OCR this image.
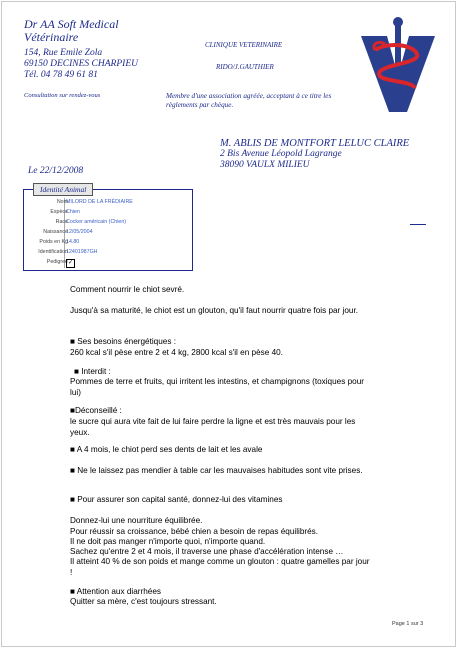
Dr AA Soft Medical
Vétérinaire
154, Rue Emile Zola
69150 DECINES CHARPIEU
Tél. 04 78 49 61 81
Consultation sur rendez-vous
CLINIQUE VETERINAIRE
RIDO/J.GAUTHIER
Membre d'une association agréée, acceptant à ce titre les règlements par chèque.
M. ABLIS DE MONTFORT LELUC CLAIRE
2 Bis Avenue Léopold Lagrange
38090 VAULX MILIEU
Le 22/12/2008
Identité Animal
Nom
MILORD DE LA FRÉDIAIRE
Espèce
Chien
Race
Cocker américain (Chien)
Naissance
12/05/2004
Poids en Kg
14.80
Identification
12401987GH
Pedigree ✓
Comment nourrir le chiot sevré.
Jusqu'à sa maturité, le chiot est un glouton, qu'il faut nourrir quatre fois par jour.
■ Ses besoins énergétiques :
260 kcal s'il pèse entre 2 et 4 kg, 2800 kcal s'il en pèse 40.
■ Interdit :
Pommes de terre et fruits, qui irritent les intestins, et champignons (toxiques pour lui)
■Déconseillé :
le sucre qui aura vite fait de lui faire perdre la ligne et est très mauvais pour les yeux.
■ A 4 mois, le chiot perd ses dents de lait et les avale
■ Ne le laissez pas mendier à table car les mauvaises habitudes sont vite prises.
■ Pour assurer son capital santé, donnez-lui des vitamines
Donnez-lui une nourriture équilibrée.
Pour réussir sa croissance, bébé chien a besoin de repas équilibrés.
Il ne doit pas manger n'importe quoi, n'importe quand.
Sachez qu'entre 2 et 4 mois, il traverse une phase d'accélération intense …
Il atteint 40 % de son poids et mange comme un glouton : quatre gamelles par jour !
■ Attention aux diarrhées
Quitter sa mère, c'est toujours stressant.
Page 1 sur 3
